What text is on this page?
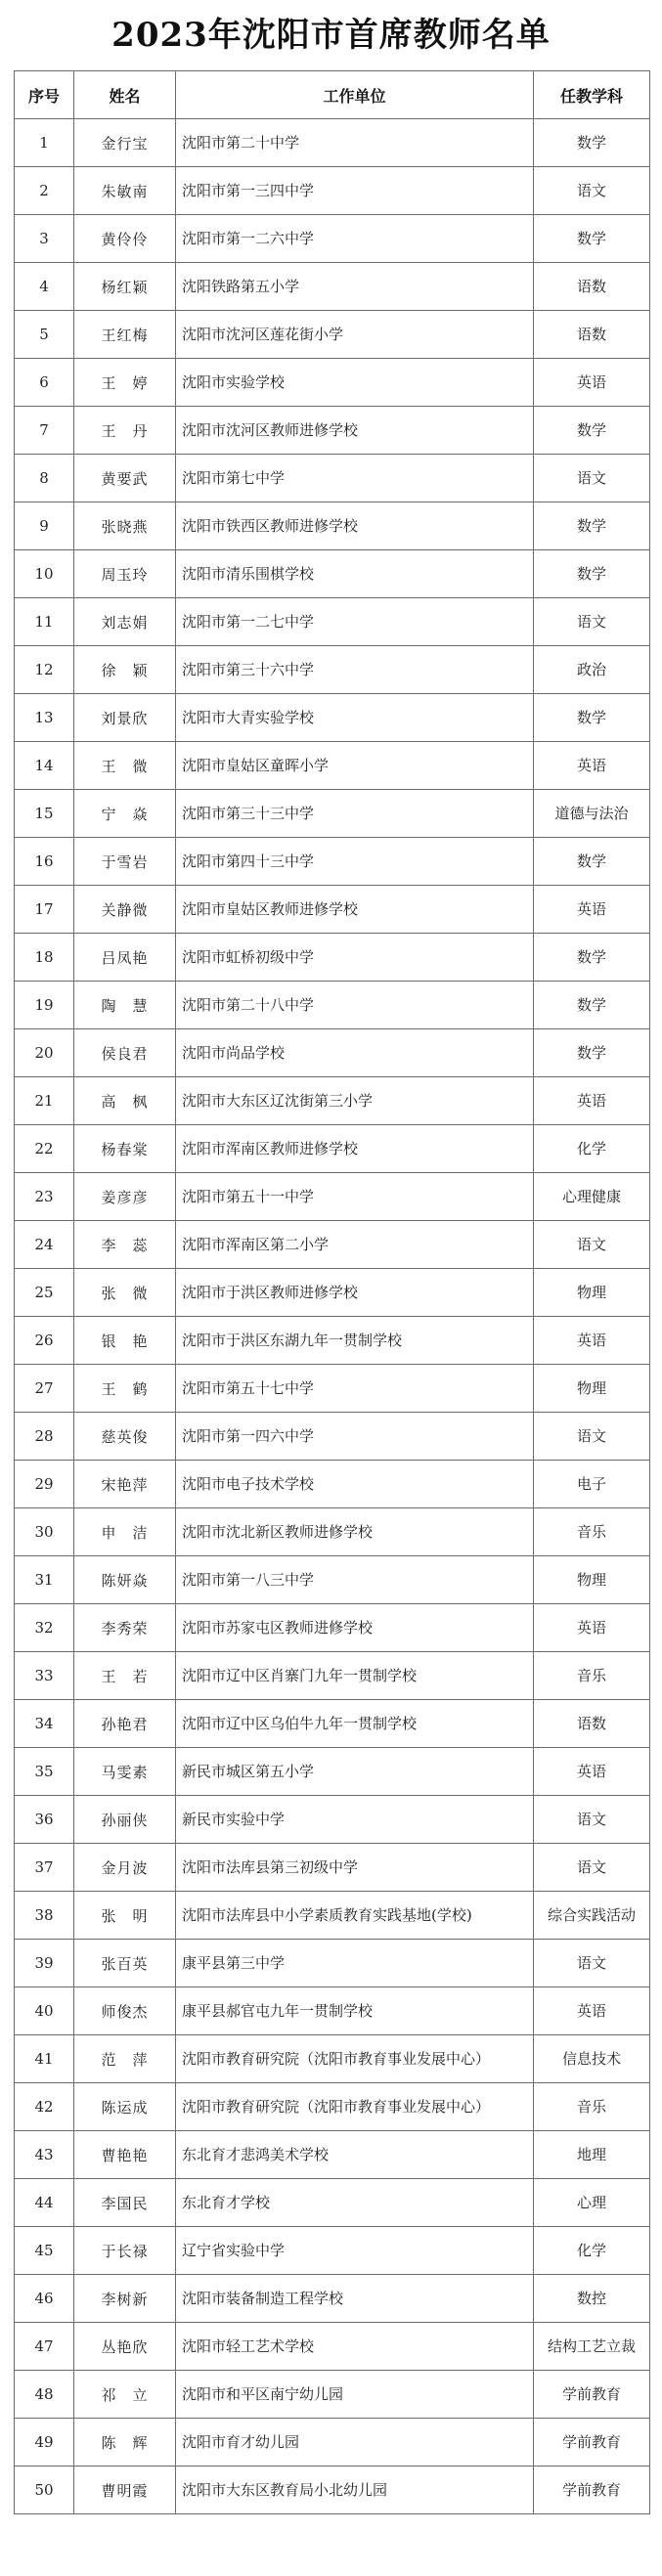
2023年沈阳市首席教师名单
序号	姓名	工作单位	任教学科
1	金行宝	沈阳市第二十中学	数学
2	朱敏南	沈阳市第一三四中学	语文
3	黄伶伶	沈阳市第一二六中学	数学
4	杨红颖	沈阳铁路第五小学	语数
5	王红梅	沈阳市沈河区莲花街小学	语数
6	王　婷	沈阳市实验学校	英语
7	王　丹	沈阳市沈河区教师进修学校	数学
8	黄要武	沈阳市第七中学	语文
9	张晓燕	沈阳市铁西区教师进修学校	数学
10	周玉玲	沈阳市清乐围棋学校	数学
11	刘志娟	沈阳市第一二七中学	语文
12	徐　颖	沈阳市第三十六中学	政治
13	刘景欣	沈阳市大青实验学校	数学
14	王　微	沈阳市皇姑区童晖小学	英语
15	宁　焱	沈阳市第三十三中学	道德与法治
16	于雪岩	沈阳市第四十三中学	数学
17	关静微	沈阳市皇姑区教师进修学校	英语
18	吕凤艳	沈阳市虹桥初级中学	数学
19	陶　慧	沈阳市第二十八中学	数学
20	侯良君	沈阳市尚品学校	数学
21	高　枫	沈阳市大东区辽沈街第三小学	英语
22	杨春棠	沈阳市浑南区教师进修学校	化学
23	姜彦彦	沈阳市第五十一中学	心理健康
24	李　蕊	沈阳市浑南区第二小学	语文
25	张　微	沈阳市于洪区教师进修学校	物理
26	银　艳	沈阳市于洪区东湖九年一贯制学校	英语
27	王　鹤	沈阳市第五十七中学	物理
28	慈英俊	沈阳市第一四六中学	语文
29	宋艳萍	沈阳市电子技术学校	电子
30	申　洁	沈阳市沈北新区教师进修学校	音乐
31	陈妍焱	沈阳市第一八三中学	物理
32	李秀荣	沈阳市苏家屯区教师进修学校	英语
33	王　若	沈阳市辽中区肖寨门九年一贯制学校	音乐
34	孙艳君	沈阳市辽中区乌伯牛九年一贯制学校	语数
35	马雯素	新民市城区第五小学	英语
36	孙丽侠	新民市实验中学	语文
37	金月波	沈阳市法库县第三初级中学	语文
38	张　明	沈阳市法库县中小学素质教育实践基地(学校)	综合实践活动
39	张百英	康平县第三中学	语文
40	师俊杰	康平县郝官屯九年一贯制学校	英语
41	范　萍	沈阳市教育研究院（沈阳市教育事业发展中心）	信息技术
42	陈运成	沈阳市教育研究院（沈阳市教育事业发展中心）	音乐
43	曹艳艳	东北育才悲鸿美术学校	地理
44	李国民	东北育才学校	心理
45	于长禄	辽宁省实验中学	化学
46	李树新	沈阳市装备制造工程学校	数控
47	丛艳欣	沈阳市轻工艺术学校	结构工艺立裁
48	祁　立	沈阳市和平区南宁幼儿园	学前教育
49	陈　辉	沈阳市育才幼儿园	学前教育
50	曹明霞	沈阳市大东区教育局小北幼儿园	学前教育
